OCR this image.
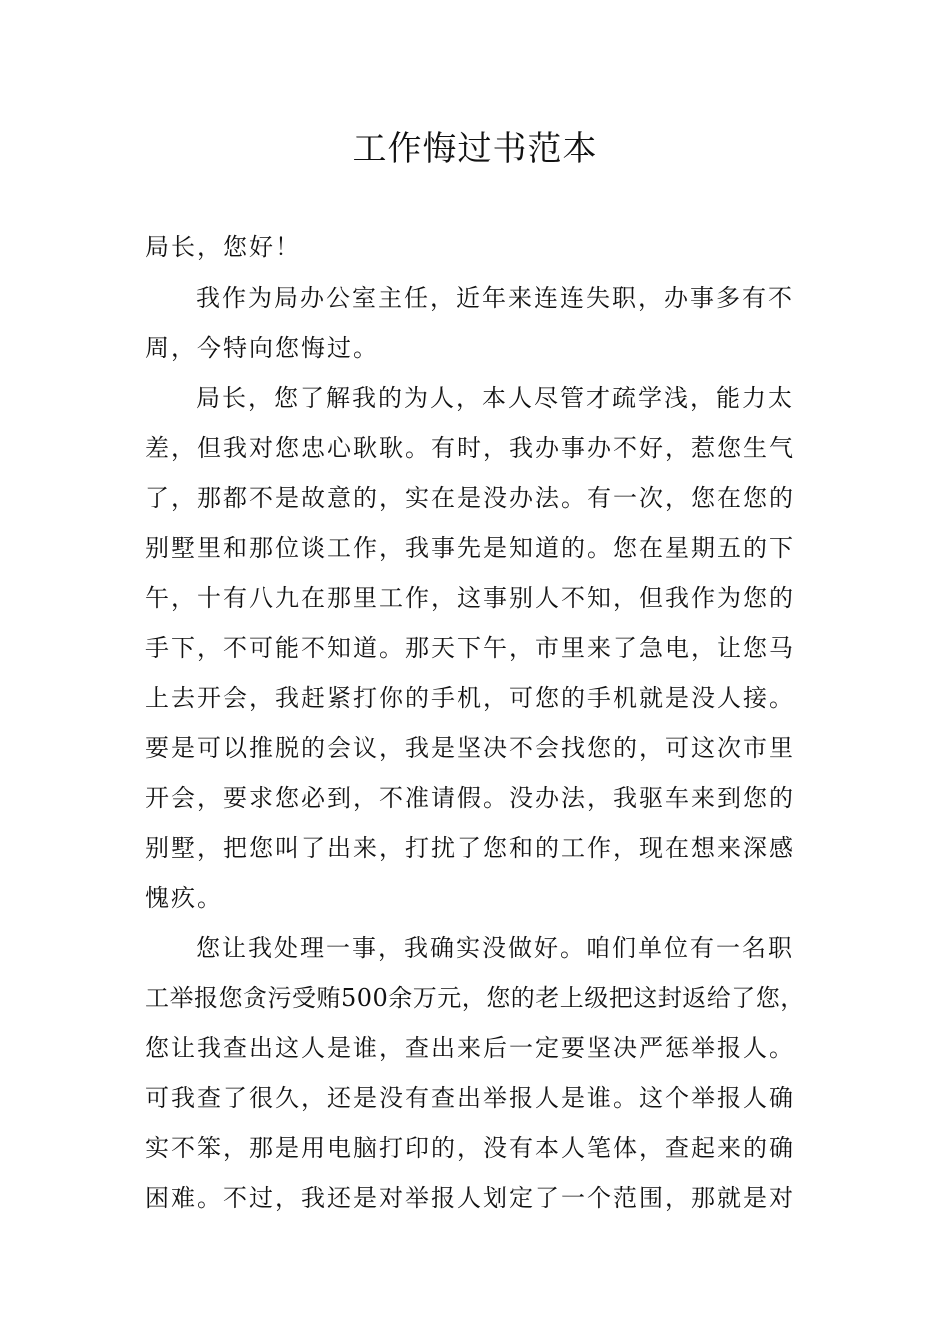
工作悔过书范本

局长，您好！

我作为局办公室主任，近年来连连失职，办事多有不

周，今特向您悔过。

局长，您了解我的为人，本人尽管才疏学浅，能力太

差，但我对您忠心耿耿。有时，我办事办不好，惹您生气

了，那都不是故意的，实在是没办法。有一次，您在您的

别墅里和那位谈工作，我事先是知道的。您在星期五的下

午，十有八九在那里工作，这事别人不知，但我作为您的

手下，不可能不知道。那天下午，市里来了急电，让您马

上去开会，我赶紧打你的手机，可您的手机就是没人接。

要是可以推脱的会议，我是坚决不会找您的，可这次市里

开会，要求您必到，不准请假。没办法，我驱车来到您的

别墅，把您叫了出来，打扰了您和的工作，现在想来深感

愧疚。

您让我处理一事，我确实没做好。咱们单位有一名职

工举报您贪污受贿500余万元，您的老上级把这封返给了您，

您让我查出这人是谁，查出来后一定要坚决严惩举报人。

可我查了很久，还是没有查出举报人是谁。这个举报人确

实不笨，那是用电脑打印的，没有本人笔体，查起来的确

困难。不过，我还是对举报人划定了一个范围，那就是对
